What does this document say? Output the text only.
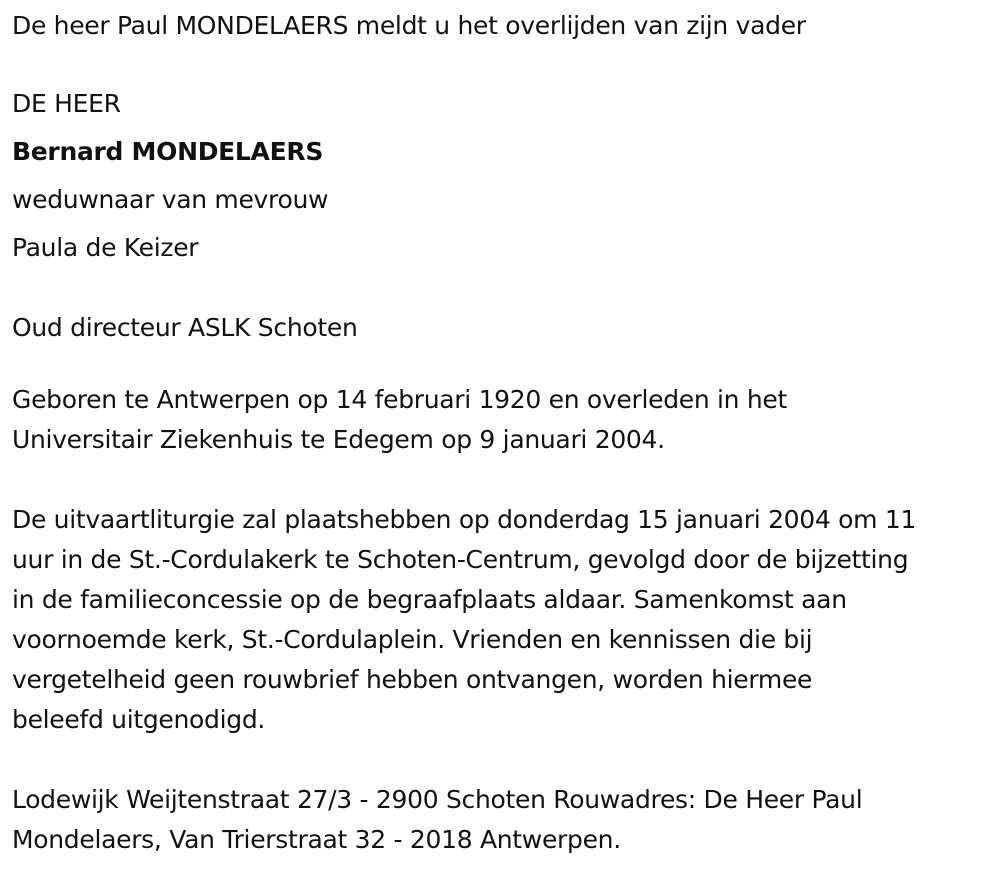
De heer Paul MONDELAERS meldt u het overlijden van zijn vader
DE HEER
Bernard MONDELAERS
weduwnaar van mevrouw
Paula de Keizer
Oud directeur ASLK Schoten
Geboren te Antwerpen op 14 februari 1920 en overleden in het
Universitair Ziekenhuis te Edegem op 9 januari 2004.
De uitvaartliturgie zal plaatshebben op donderdag 15 januari 2004 om 11
uur in de St.-Cordulakerk te Schoten-Centrum, gevolgd door de bijzetting
in de familieconcessie op de begraafplaats aldaar. Samenkomst aan
voornoemde kerk, St.-Cordulaplein. Vrienden en kennissen die bij
vergetelheid geen rouwbrief hebben ontvangen, worden hiermee
beleefd uitgenodigd.
Lodewijk Weijtenstraat 27/3 - 2900 Schoten Rouwadres: De Heer Paul
Mondelaers, Van Trierstraat 32 - 2018 Antwerpen.
